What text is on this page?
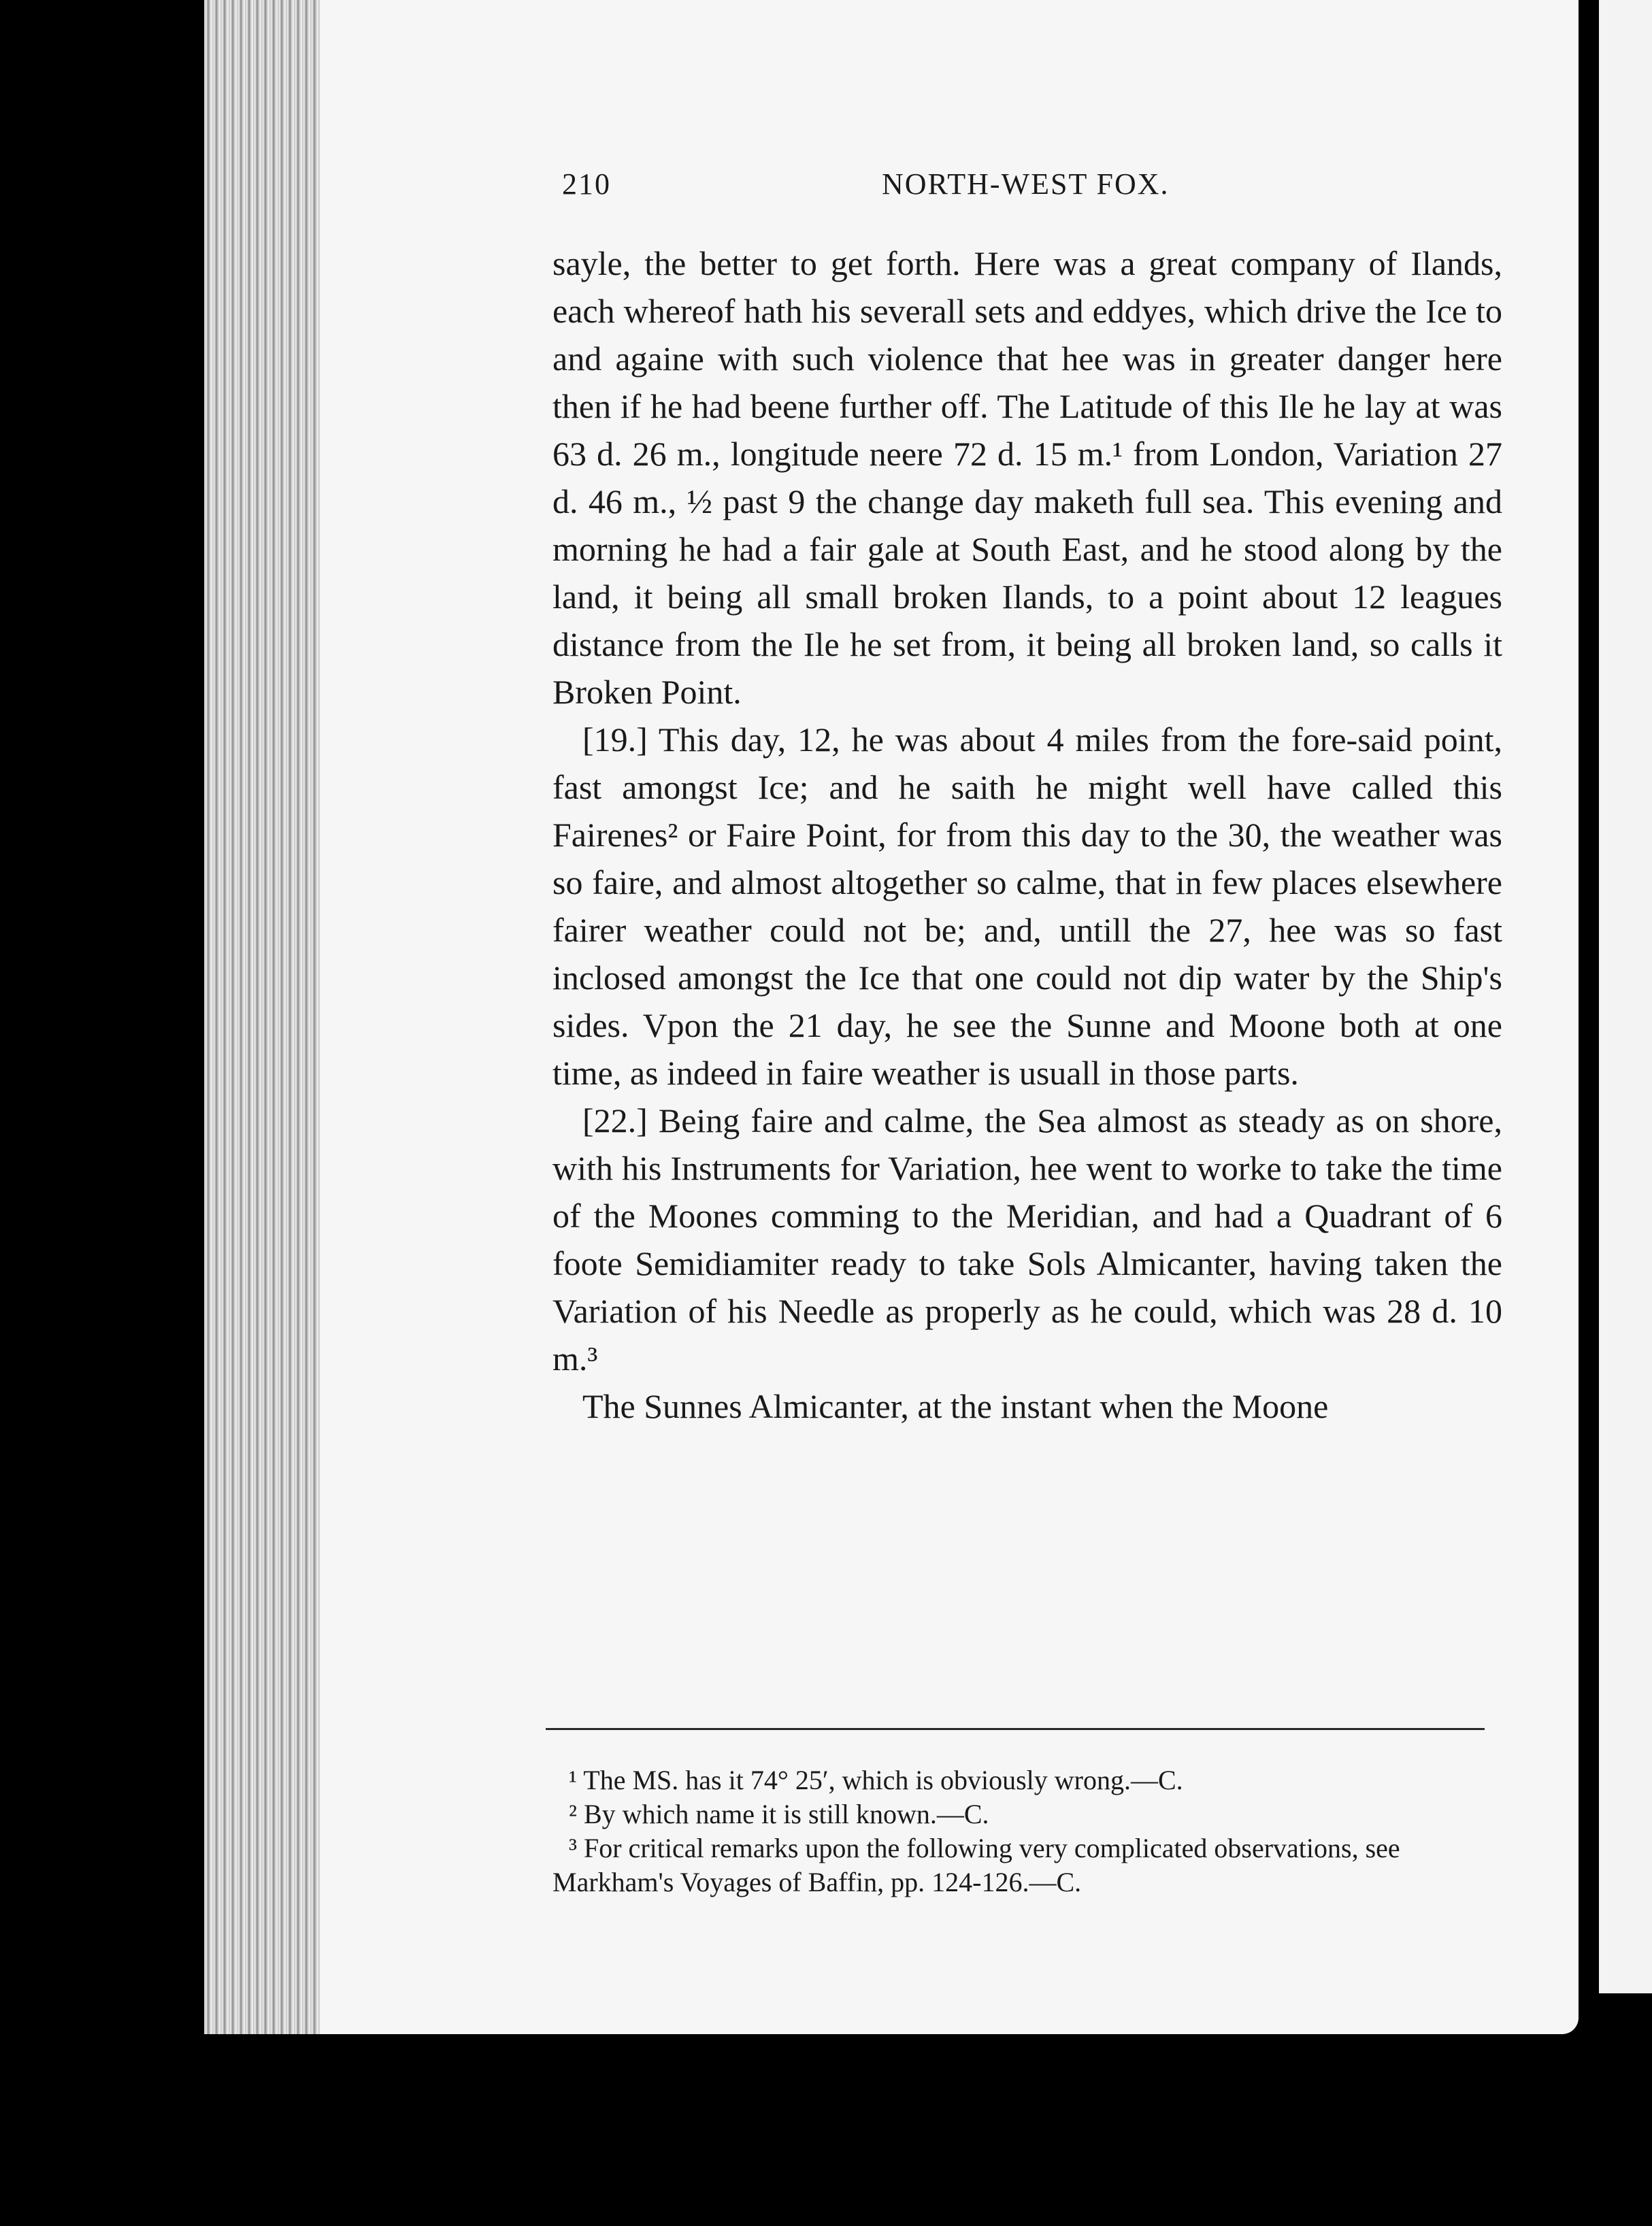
210	NORTH-WEST FOX.

sayle, the better to get forth. Here was a great company of Ilands, each whereof hath his severall sets and eddyes, which drive the Ice to and againe with such violence that hee was in greater danger here then if he had beene further off. The Latitude of this Ile he lay at was 63 d. 26 m., longitude neere 72 d. 15 m.¹ from London, Variation 27 d. 46 m., ½ past 9 the change day maketh full sea. This evening and morning he had a fair gale at South East, and he stood along by the land, it being all small broken Ilands, to a point about 12 leagues distance from the Ile he set from, it being all broken land, so calls it Broken Point.

[19.] This day, 12, he was about 4 miles from the fore-said point, fast amongst Ice; and he saith he might well have called this Fairenes² or Faire Point, for from this day to the 30, the weather was so faire, and almost altogether so calme, that in few places elsewhere fairer weather could not be; and, untill the 27, hee was so fast inclosed amongst the Ice that one could not dip water by the Ship's sides. Vpon the 21 day, he see the Sunne and Moone both at one time, as indeed in faire weather is usuall in those parts.

[22.] Being faire and calme, the Sea almost as steady as on shore, with his Instruments for Variation, hee went to worke to take the time of the Moones comming to the Meridian, and had a Quadrant of 6 foote Semidiamiter ready to take Sols Almicanter, having taken the Variation of his Needle as properly as he could, which was 28 d. 10 m.³

The Sunnes Almicanter, at the instant when the Moone

¹ The MS. has it 74° 25′, which is obviously wrong.—C.

² By which name it is still known.—C.

³ For critical remarks upon the following very complicated observations, see Markham's Voyages of Baffin, pp. 124-126.—C.
